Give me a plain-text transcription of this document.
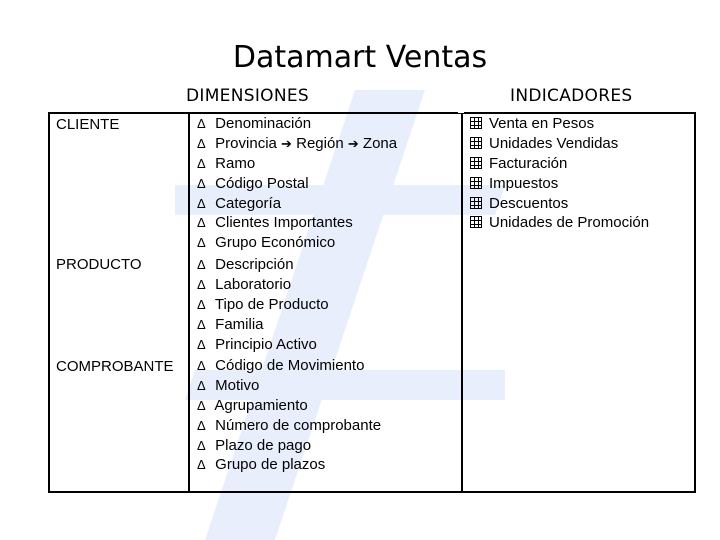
Datamart Ventas
DIMENSIONES	INDICADORES
CLIENTE
PRODUCTO
COMPROBANTE
Δ Denominación
Δ Provincia ➔ Región ➔ Zona
Δ Ramo
Δ Código Postal
Δ Categoría
Δ Clientes Importantes
Δ Grupo Económico
Δ Descripción
Δ Laboratorio
Δ Tipo de Producto
Δ Familia
Δ Principio Activo
Δ Código de Movimiento
Δ Motivo
Δ Agrupamiento
Δ Número de comprobante
Δ Plazo de pago
Δ Grupo de plazos
Venta en Pesos
Unidades Vendidas
Facturación
Impuestos
Descuentos
Unidades de Promoción
